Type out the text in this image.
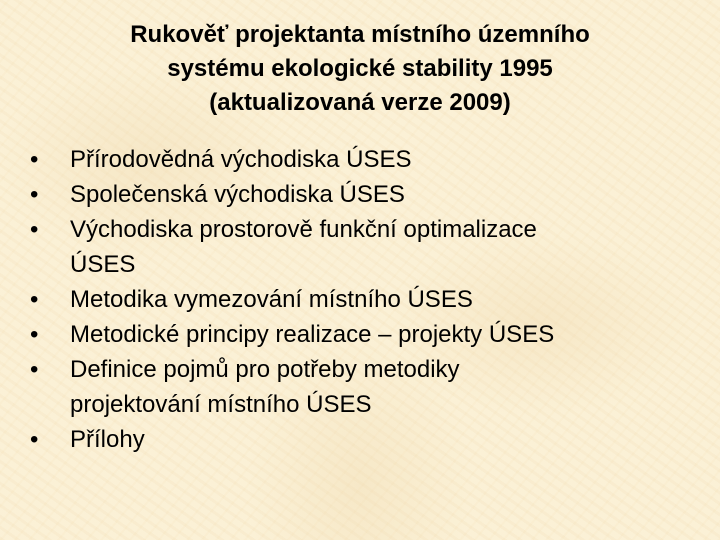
Rukověť projektanta místního územního
systému ekologické stability 1995
(aktualizovaná verze 2009)
•	Přírodovědná východiska ÚSES
•	Společenská východiska ÚSES
•	Východiska prostorově funkční optimalizace
ÚSES
•	Metodika vymezování místního ÚSES
•	Metodické principy realizace – projekty ÚSES
•	Definice pojmů pro potřeby metodiky
projektování místního ÚSES
•	Přílohy
